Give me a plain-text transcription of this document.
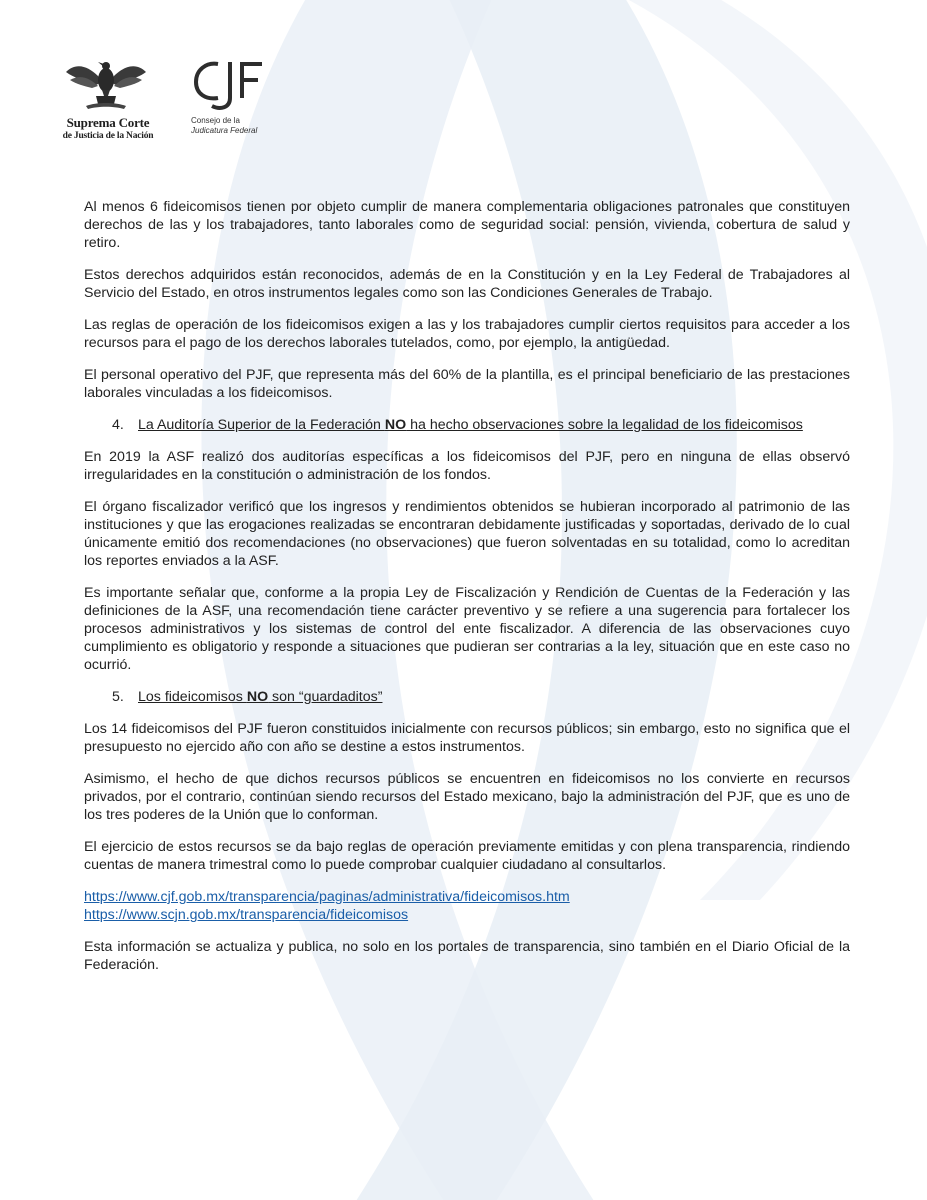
Suprema Corte
de Justicia de la Nación
Consejo de la
Judicatura Federal

Al menos 6 fideicomisos tienen por objeto cumplir de manera complementaria obligaciones patronales que constituyen derechos de las y los trabajadores, tanto laborales como de seguridad social: pensión, vivienda, cobertura de salud y retiro.

Estos derechos adquiridos están reconocidos, además de en la Constitución y en la Ley Federal de Trabajadores al Servicio del Estado, en otros instrumentos legales como son las Condiciones Generales de Trabajo.

Las reglas de operación de los fideicomisos exigen a las y los trabajadores cumplir ciertos requisitos para acceder a los recursos para el pago de los derechos laborales tutelados, como, por ejemplo, la antigüedad.

El personal operativo del PJF, que representa más del 60% de la plantilla, es el principal beneficiario de las prestaciones laborales vinculadas a los fideicomisos.

4. La Auditoría Superior de la Federación NO ha hecho observaciones sobre la legalidad de los fideicomisos

En 2019 la ASF realizó dos auditorías específicas a los fideicomisos del PJF, pero en ninguna de ellas observó irregularidades en la constitución o administración de los fondos.

El órgano fiscalizador verificó que los ingresos y rendimientos obtenidos se hubieran incorporado al patrimonio de las instituciones y que las erogaciones realizadas se encontraran debidamente justificadas y soportadas, derivado de lo cual únicamente emitió dos recomendaciones (no observaciones) que fueron solventadas en su totalidad, como lo acreditan los reportes enviados a la ASF.

Es importante señalar que, conforme a la propia Ley de Fiscalización y Rendición de Cuentas de la Federación y las definiciones de la ASF, una recomendación tiene carácter preventivo y se refiere a una sugerencia para fortalecer los procesos administrativos y los sistemas de control del ente fiscalizador. A diferencia de las observaciones cuyo cumplimiento es obligatorio y responde a situaciones que pudieran ser contrarias a la ley, situación que en este caso no ocurrió.

5. Los fideicomisos NO son “guardaditos”

Los 14 fideicomisos del PJF fueron constituidos inicialmente con recursos públicos; sin embargo, esto no significa que el presupuesto no ejercido año con año se destine a estos instrumentos.

Asimismo, el hecho de que dichos recursos públicos se encuentren en fideicomisos no los convierte en recursos privados, por el contrario, continúan siendo recursos del Estado mexicano, bajo la administración del PJF, que es uno de los tres poderes de la Unión que lo conforman.

El ejercicio de estos recursos se da bajo reglas de operación previamente emitidas y con plena transparencia, rindiendo cuentas de manera trimestral como lo puede comprobar cualquier ciudadano al consultarlos.

https://www.cjf.gob.mx/transparencia/paginas/administrativa/fideicomisos.htm
https://www.scjn.gob.mx/transparencia/fideicomisos

Esta información se actualiza y publica, no solo en los portales de transparencia, sino también en el Diario Oficial de la Federación.
